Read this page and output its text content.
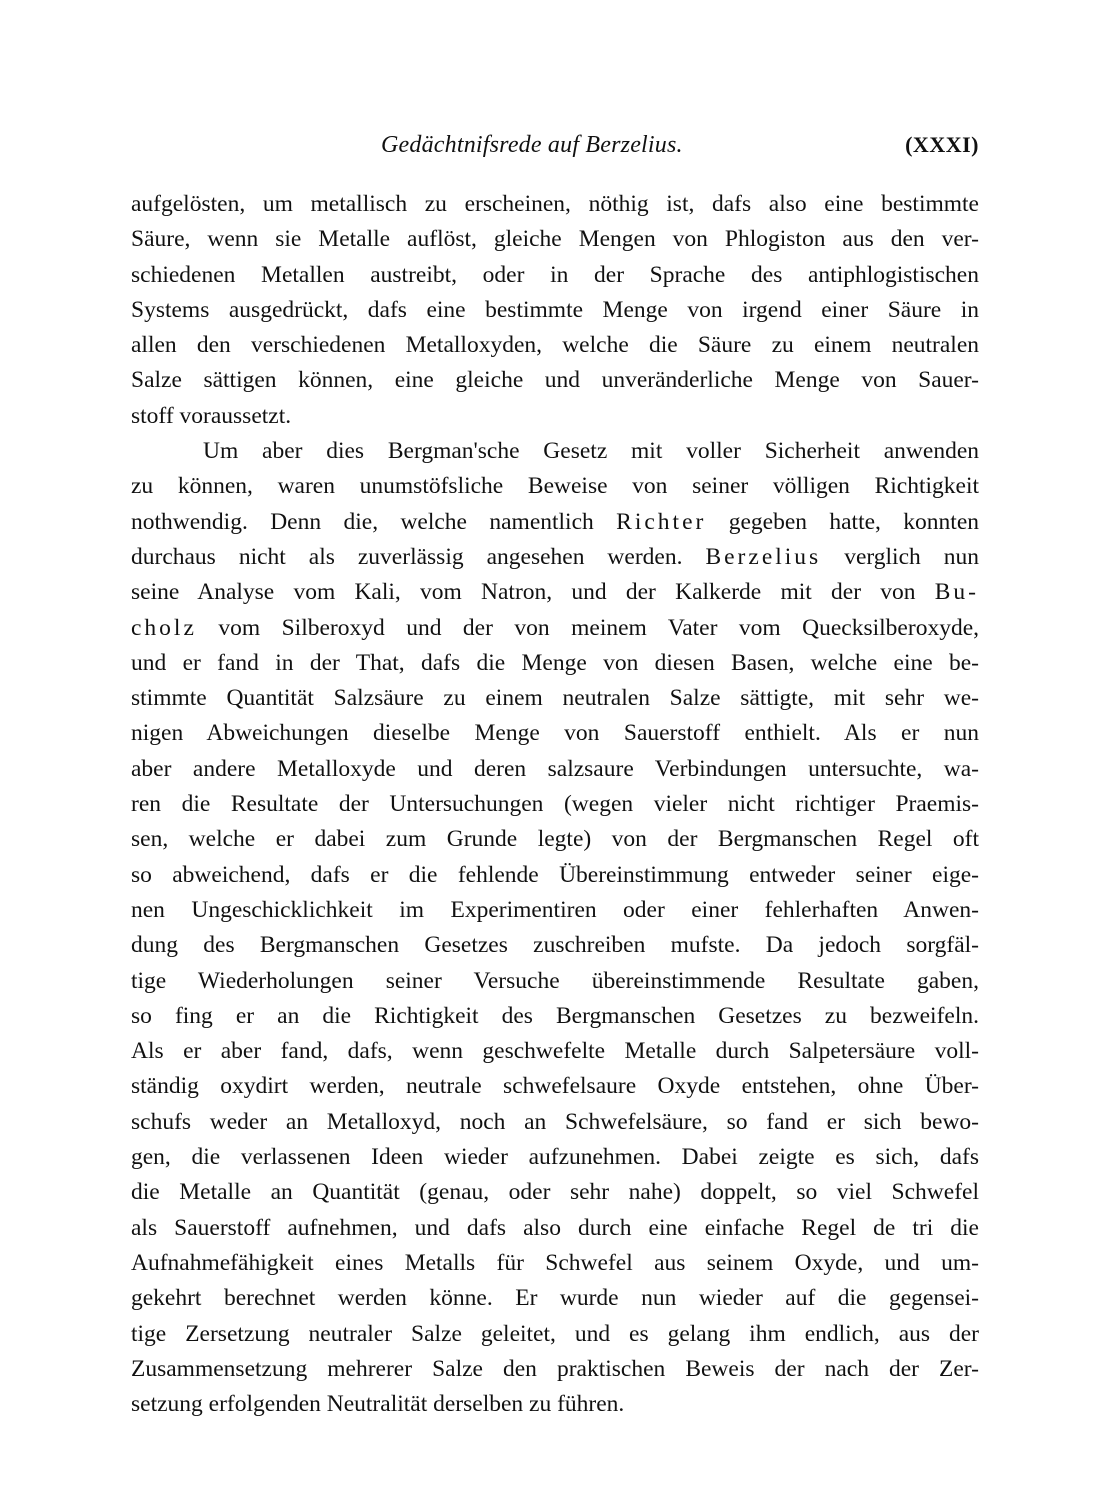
Gedächtnifsrede auf Berzelius.	(XXXI)
aufgelösten, um metallisch zu erscheinen, nöthig ist, dafs also eine bestimmte
Säure, wenn sie Metalle auflöst, gleiche Mengen von Phlogiston aus den ver-
schiedenen Metallen austreibt, oder in der Sprache des antiphlogistischen
Systems ausgedrückt, dafs eine bestimmte Menge von irgend einer Säure in
allen den verschiedenen Metalloxyden, welche die Säure zu einem neutralen
Salze sättigen können, eine gleiche und unveränderliche Menge von Sauer-
stoff voraussetzt.
Um aber dies Bergman'sche Gesetz mit voller Sicherheit anwenden
zu können, waren unumstöfsliche Beweise von seiner völligen Richtigkeit
nothwendig. Denn die, welche namentlich Richter gegeben hatte, konnten
durchaus nicht als zuverlässig angesehen werden. Berzelius verglich nun
seine Analyse vom Kali, vom Natron, und der Kalkerde mit der von Bu-
cholz vom Silberoxyd und der von meinem Vater vom Quecksilberoxyde,
und er fand in der That, dafs die Menge von diesen Basen, welche eine be-
stimmte Quantität Salzsäure zu einem neutralen Salze sättigte, mit sehr we-
nigen Abweichungen dieselbe Menge von Sauerstoff enthielt. Als er nun
aber andere Metalloxyde und deren salzsaure Verbindungen untersuchte, wa-
ren die Resultate der Untersuchungen (wegen vieler nicht richtiger Praemis-
sen, welche er dabei zum Grunde legte) von der Bergmanschen Regel oft
so abweichend, dafs er die fehlende Übereinstimmung entweder seiner eige-
nen Ungeschicklichkeit im Experimentiren oder einer fehlerhaften Anwen-
dung des Bergmanschen Gesetzes zuschreiben mufste. Da jedoch sorgfäl-
tige Wiederholungen seiner Versuche übereinstimmende Resultate gaben,
so fing er an die Richtigkeit des Bergmanschen Gesetzes zu bezweifeln.
Als er aber fand, dafs, wenn geschwefelte Metalle durch Salpetersäure voll-
ständig oxydirt werden, neutrale schwefelsaure Oxyde entstehen, ohne Über-
schufs weder an Metalloxyd, noch an Schwefelsäure, so fand er sich bewo-
gen, die verlassenen Ideen wieder aufzunehmen. Dabei zeigte es sich, dafs
die Metalle an Quantität (genau, oder sehr nahe) doppelt, so viel Schwefel
als Sauerstoff aufnehmen, und dafs also durch eine einfache Regel de tri die
Aufnahmefähigkeit eines Metalls für Schwefel aus seinem Oxyde, und um-
gekehrt berechnet werden könne. Er wurde nun wieder auf die gegensei-
tige Zersetzung neutraler Salze geleitet, und es gelang ihm endlich, aus der
Zusammensetzung mehrerer Salze den praktischen Beweis der nach der Zer-
setzung erfolgenden Neutralität derselben zu führen.
